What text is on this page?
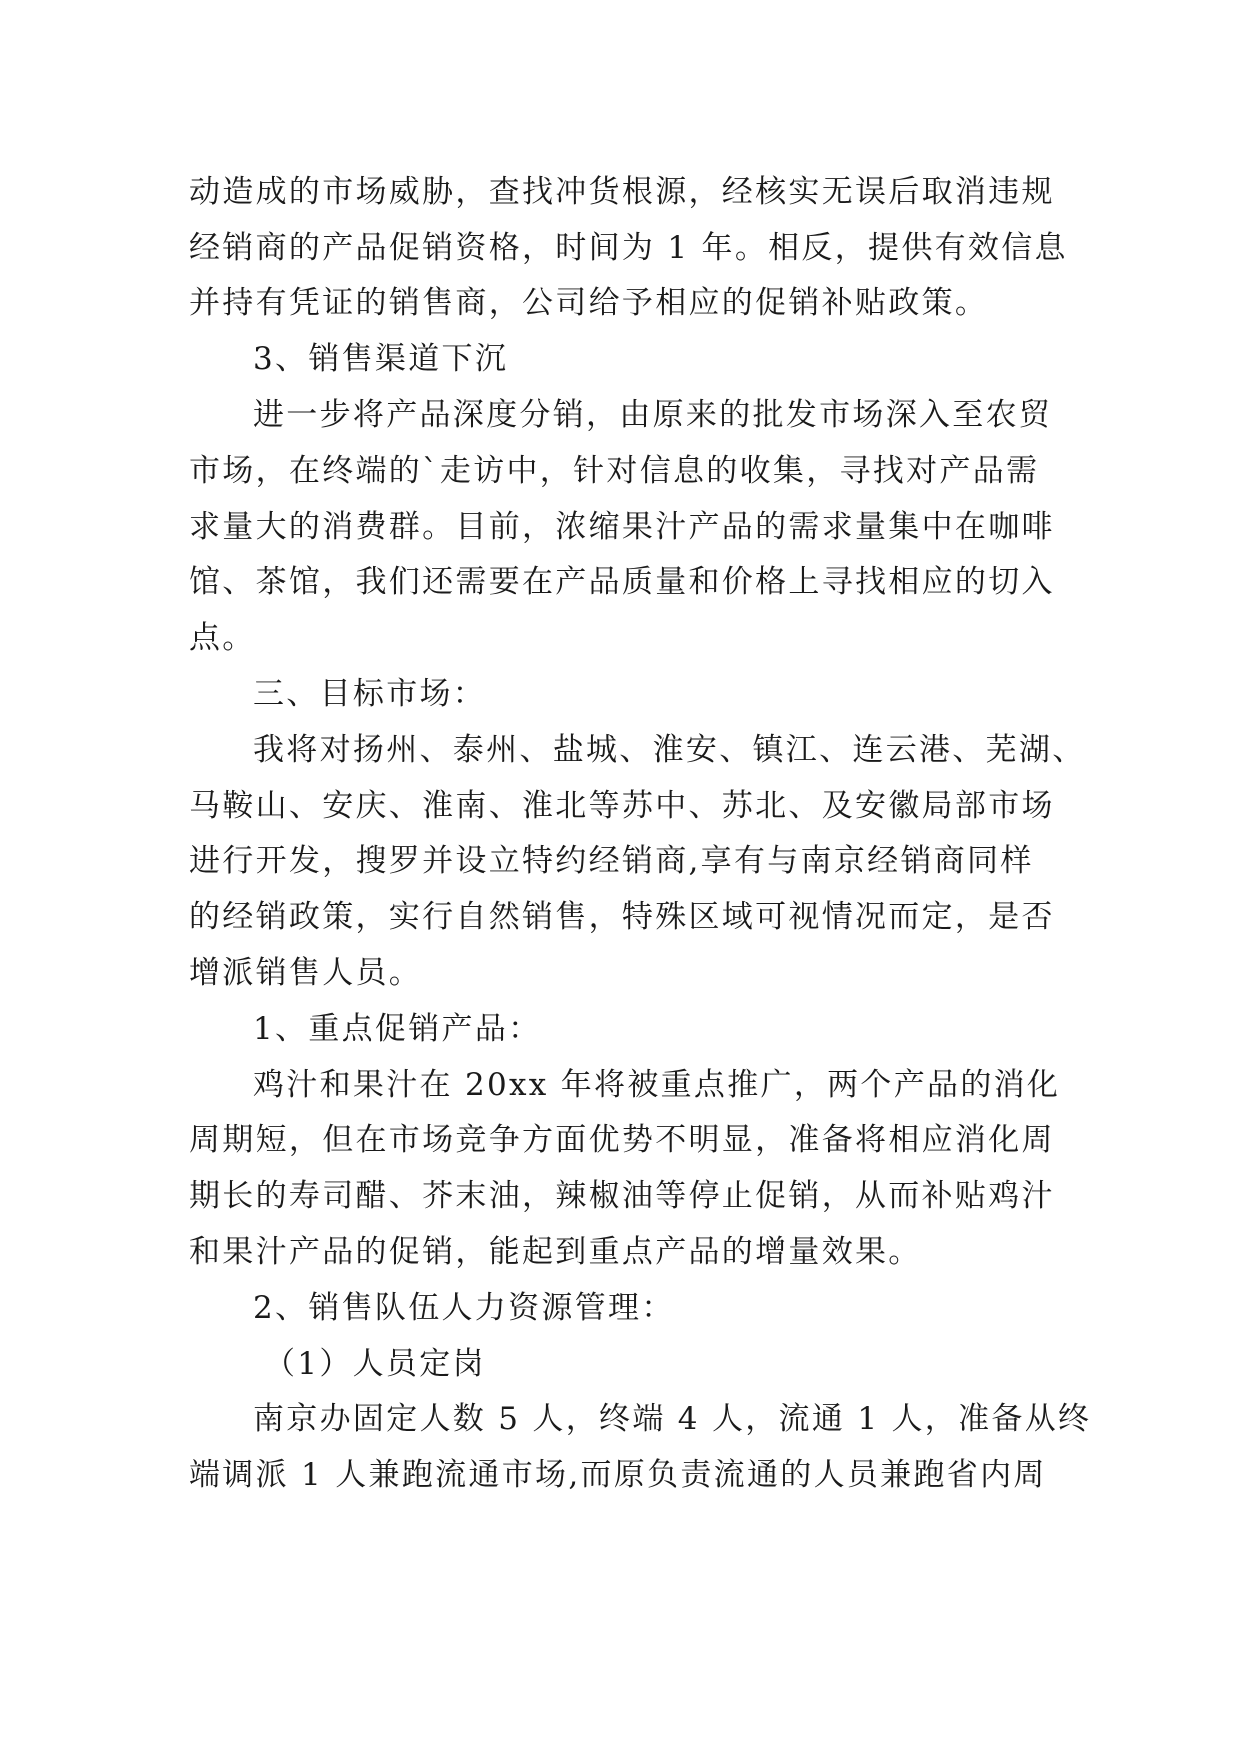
动造成的市场威胁，查找冲货根源，经核实无误后取消违规
经销商的产品促销资格，时间为 1 年。相反，提供有效信息
并持有凭证的销售商，公司给予相应的促销补贴政策。
3、销售渠道下沉
进一步将产品深度分销，由原来的批发市场深入至农贸
市场，在终端的`走访中，针对信息的收集，寻找对产品需
求量大的消费群。目前，浓缩果汁产品的需求量集中在咖啡
馆、茶馆，我们还需要在产品质量和价格上寻找相应的切入
点。
三、目标市场：
我将对扬州、泰州、盐城、淮安、镇江、连云港、芜湖、
马鞍山、安庆、淮南、淮北等苏中、苏北、及安徽局部市场
进行开发，搜罗并设立特约经销商,享有与南京经销商同样
的经销政策，实行自然销售，特殊区域可视情况而定，是否
增派销售人员。
1、重点促销产品：
鸡汁和果汁在 20xx 年将被重点推广，两个产品的消化
周期短，但在市场竞争方面优势不明显，准备将相应消化周
期长的寿司醋、芥末油，辣椒油等停止促销，从而补贴鸡汁
和果汁产品的促销，能起到重点产品的增量效果。
2、销售队伍人力资源管理：
（1）人员定岗
南京办固定人数 5 人，终端 4 人，流通 1 人，准备从终
端调派 1 人兼跑流通市场,而原负责流通的人员兼跑省内周
